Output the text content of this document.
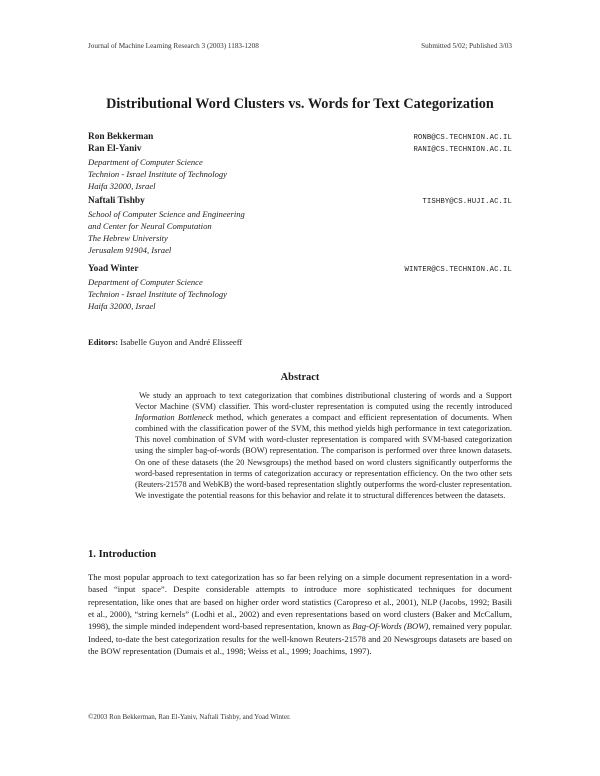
Journal of Machine Learning Research 3 (2003) 1183-1208	Submitted 5/02; Published 3/03
Distributional Word Clusters vs. Words for Text Categorization
Ron Bekkerman	RONB@CS.TECHNION.AC.IL
Ran El-Yaniv	RANI@CS.TECHNION.AC.IL
Department of Computer Science
Technion - Israel Institute of Technology
Haifa 32000, Israel
Naftali Tishby	TISHBY@CS.HUJI.AC.IL
School of Computer Science and Engineering
and Center for Neural Computation
The Hebrew University
Jerusalem 91904, Israel
Yoad Winter	WINTER@CS.TECHNION.AC.IL
Department of Computer Science
Technion - Israel Institute of Technology
Haifa 32000, Israel
Editors: Isabelle Guyon and André Elisseeff
Abstract
We study an approach to text categorization that combines distributional clustering of words and a Support Vector Machine (SVM) classifier. This word-cluster representation is computed using the recently introduced Information Bottleneck method, which generates a compact and efficient representation of documents. When combined with the classification power of the SVM, this method yields high performance in text categorization. This novel combination of SVM with word-cluster representation is compared with SVM-based categorization using the simpler bag-of-words (BOW) representation. The comparison is performed over three known datasets. On one of these datasets (the 20 Newsgroups) the method based on word clusters significantly outperforms the word-based representation in terms of categorization accuracy or representation efficiency. On the two other sets (Reuters-21578 and WebKB) the word-based representation slightly outperforms the word-cluster representation. We investigate the potential reasons for this behavior and relate it to structural differences between the datasets.
1. Introduction
The most popular approach to text categorization has so far been relying on a simple document representation in a word-based “input space”. Despite considerable attempts to introduce more sophisticated techniques for document representation, like ones that are based on higher order word statistics (Caropreso et al., 2001), NLP (Jacobs, 1992; Basili et al., 2000), “string kernels” (Lodhi et al., 2002) and even representations based on word clusters (Baker and McCallum, 1998), the simple minded independent word-based representation, known as Bag-Of-Words (BOW), remained very popular. Indeed, to-date the best categorization results for the well-known Reuters-21578 and 20 Newsgroups datasets are based on the BOW representation (Dumais et al., 1998; Weiss et al., 1999; Joachims, 1997).
©2003 Ron Bekkerman, Ran El-Yaniv, Naftali Tishby, and Yoad Winter.
